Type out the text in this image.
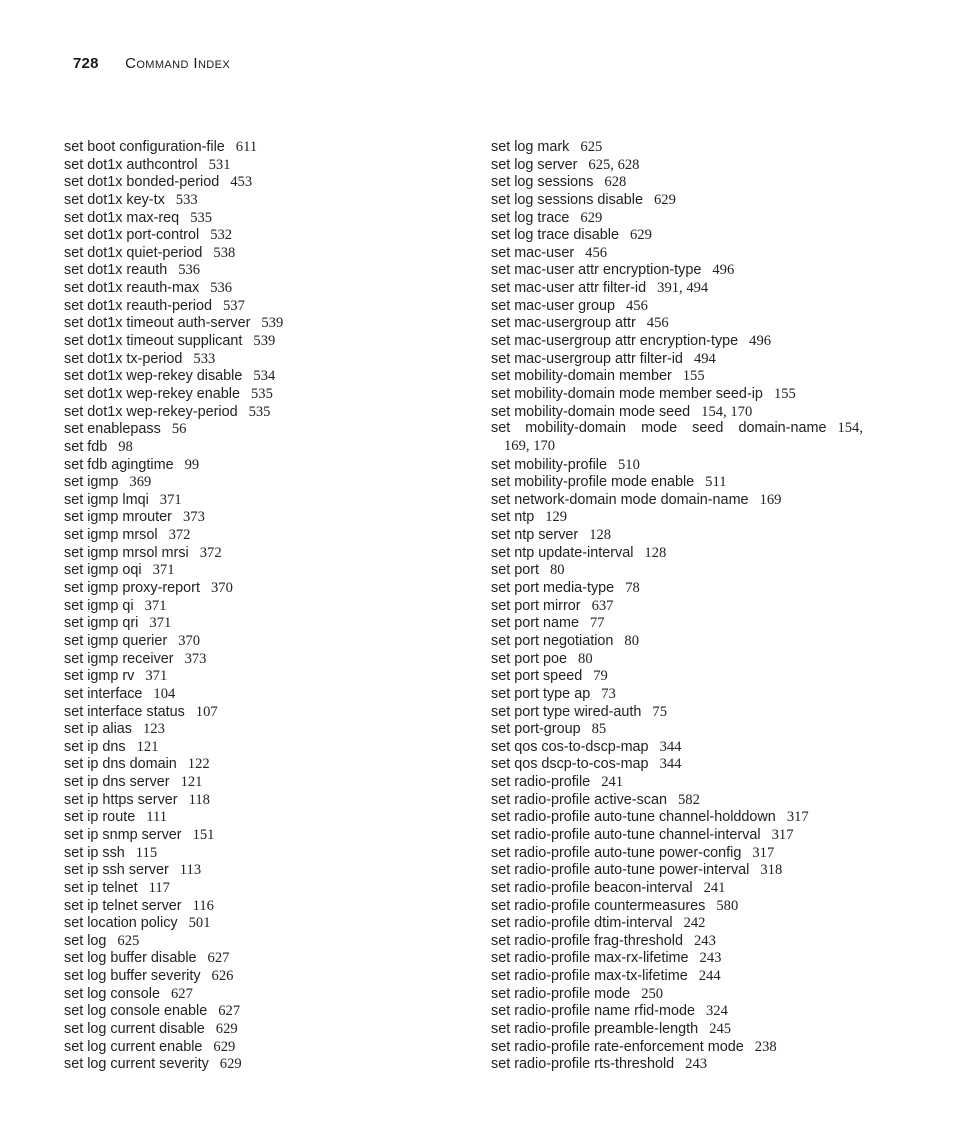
728 Command Index
set boot configuration-file 611
set dot1x authcontrol 531
set dot1x bonded-period 453
set dot1x key-tx 533
set dot1x max-req 535
set dot1x port-control 532
set dot1x quiet-period 538
set dot1x reauth 536
set dot1x reauth-max 536
set dot1x reauth-period 537
set dot1x timeout auth-server 539
set dot1x timeout supplicant 539
set dot1x tx-period 533
set dot1x wep-rekey disable 534
set dot1x wep-rekey enable 535
set dot1x wep-rekey-period 535
set enablepass 56
set fdb 98
set fdb agingtime 99
set igmp 369
set igmp lmqi 371
set igmp mrouter 373
set igmp mrsol 372
set igmp mrsol mrsi 372
set igmp oqi 371
set igmp proxy-report 370
set igmp qi 371
set igmp qri 371
set igmp querier 370
set igmp receiver 373
set igmp rv 371
set interface 104
set interface status 107
set ip alias 123
set ip dns 121
set ip dns domain 122
set ip dns server 121
set ip https server 118
set ip route 111
set ip snmp server 151
set ip ssh 115
set ip ssh server 113
set ip telnet 117
set ip telnet server 116
set location policy 501
set log 625
set log buffer disable 627
set log buffer severity 626
set log console 627
set log console enable 627
set log current disable 629
set log current enable 629
set log current severity 629
set log mark 625
set log server 625, 628
set log sessions 628
set log sessions disable 629
set log trace 629
set log trace disable 629
set mac-user 456
set mac-user attr encryption-type 496
set mac-user attr filter-id 391, 494
set mac-user group 456
set mac-usergroup attr 456
set mac-usergroup attr encryption-type 496
set mac-usergroup attr filter-id 494
set mobility-domain member 155
set mobility-domain mode member seed-ip 155
set mobility-domain mode seed 154, 170
set mobility-domain mode seed domain-name 154,
169, 170
set mobility-profile 510
set mobility-profile mode enable 511
set network-domain mode domain-name 169
set ntp 129
set ntp server 128
set ntp update-interval 128
set port 80
set port media-type 78
set port mirror 637
set port name 77
set port negotiation 80
set port poe 80
set port speed 79
set port type ap 73
set port type wired-auth 75
set port-group 85
set qos cos-to-dscp-map 344
set qos dscp-to-cos-map 344
set radio-profile 241
set radio-profile active-scan 582
set radio-profile auto-tune channel-holddown 317
set radio-profile auto-tune channel-interval 317
set radio-profile auto-tune power-config 317
set radio-profile auto-tune power-interval 318
set radio-profile beacon-interval 241
set radio-profile countermeasures 580
set radio-profile dtim-interval 242
set radio-profile frag-threshold 243
set radio-profile max-rx-lifetime 243
set radio-profile max-tx-lifetime 244
set radio-profile mode 250
set radio-profile name rfid-mode 324
set radio-profile preamble-length 245
set radio-profile rate-enforcement mode 238
set radio-profile rts-threshold 243
